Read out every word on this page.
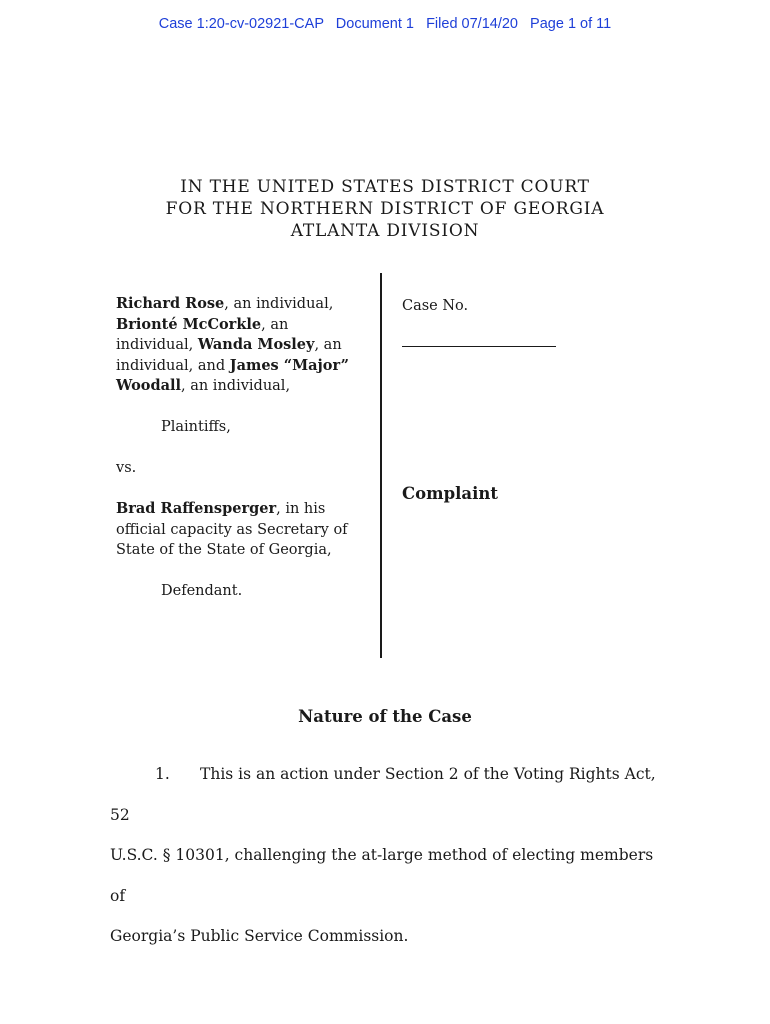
Case 1:20-cv-02921-CAP   Document 1   Filed 07/14/20   Page 1 of 11
IN THE UNITED STATES DISTRICT COURT
FOR THE NORTHERN DISTRICT OF GEORGIA
ATLANTA DIVISION

Richard Rose, an individual,
Brionté McCorkle, an
individual, Wanda Mosley, an
individual, and James “Major” Woodall, an individual,

Plaintiffs,

vs.

Brad Raffensperger, in his official capacity as Secretary of State of the State of Georgia,

Defendant.

Case No.

Complaint
Nature of the Case
1. This is an action under Section 2 of the Voting Rights Act, 52
U.S.C. § 10301, challenging the at-large method of electing members of
Georgia’s Public Service Commission.
